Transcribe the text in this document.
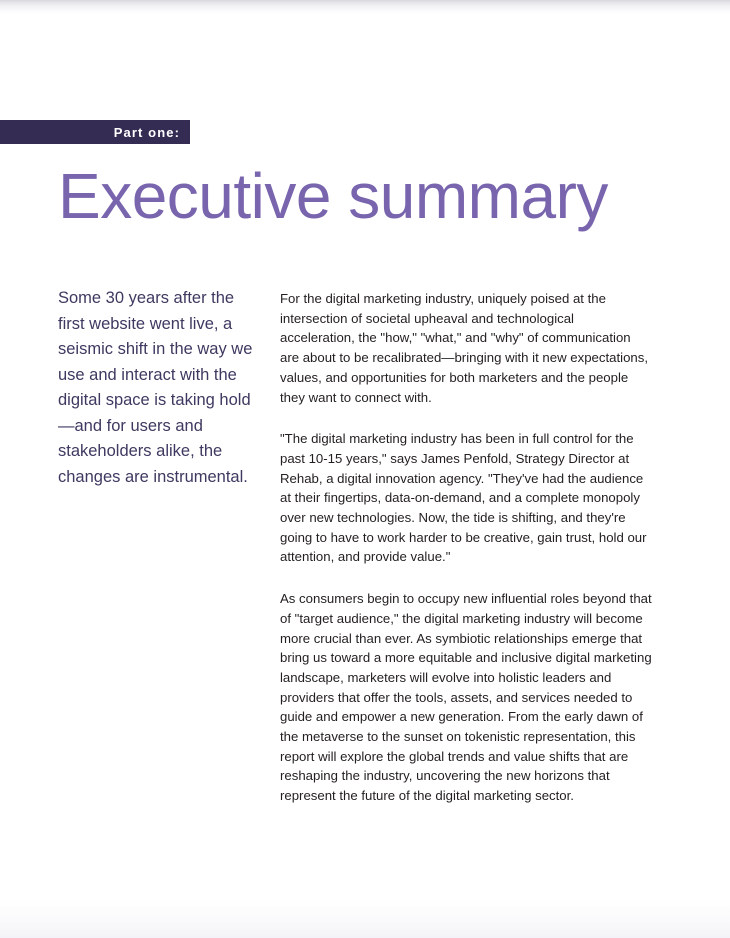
Part one:
Executive summary

Some 30 years after the first website went live, a seismic shift in the way we use and interact with the digital space is taking hold—and for users and stakeholders alike, the changes are instrumental.

For the digital marketing industry, uniquely poised at the intersection of societal upheaval and technological acceleration, the "how," "what," and "why" of communication are about to be recalibrated—bringing with it new expectations, values, and opportunities for both marketers and the people they want to connect with.

"The digital marketing industry has been in full control for the past 10-15 years," says James Penfold, Strategy Director at Rehab, a digital innovation agency. "They've had the audience at their fingertips, data-on-demand, and a complete monopoly over new technologies. Now, the tide is shifting, and they're going to have to work harder to be creative, gain trust, hold our attention, and provide value."

As consumers begin to occupy new influential roles beyond that of "target audience," the digital marketing industry will become more crucial than ever. As symbiotic relationships emerge that bring us toward a more equitable and inclusive digital marketing landscape, marketers will evolve into holistic leaders and providers that offer the tools, assets, and services needed to guide and empower a new generation. From the early dawn of the metaverse to the sunset on tokenistic representation, this report will explore the global trends and value shifts that are reshaping the industry, uncovering the new horizons that represent the future of the digital marketing sector.
